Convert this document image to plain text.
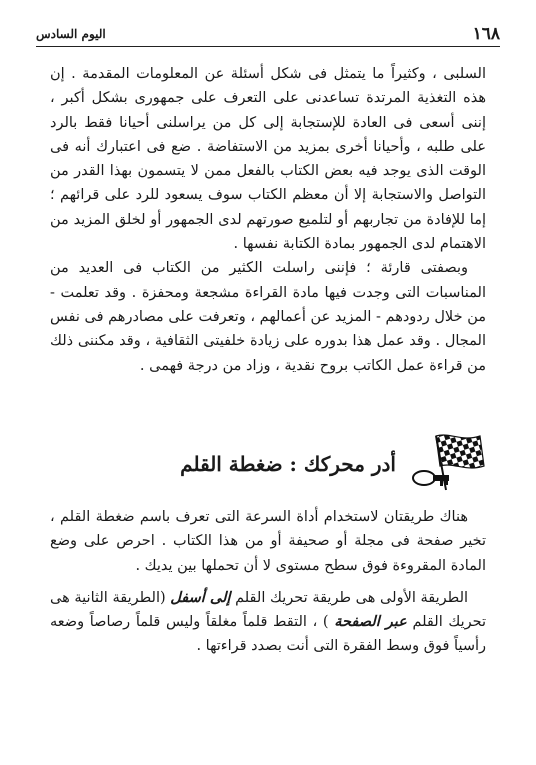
١٦٨
اليوم السادس

السلبى ، وكثيراً ما يتمثل فى شكل أسئلة عن المعلومات المقدمة . إن هذه التغذية المرتدة تساعدنى على التعرف على جمهورى بشكل أكبر ، إننى أسعى فى العادة للإستجابة إلى كل من يراسلنى أحيانا فقط بالرد على طلبه ، وأحيانا أخرى بمزيد من الاستفاضة . ضع فى اعتبارك أنه فى الوقت الذى يوجد فيه بعض الكتاب بالفعل ممن لا يتسمون بهذا القدر من التواصل والاستجابة إلا أن معظم الكتاب سوف يسعود للرد على قرائهم ؛ إما للإفادة من تجاربهم أو لتلميع صورتهم لدى الجمهور أو لخلق المزيد من الاهتمام لدى الجمهور بمادة الكتابة نفسها .

وبصفتى قارئة ؛ فإننى راسلت الكثير من الكتاب فى العديد من المناسبات التى وجدت فيها مادة القراءة مشجعة ومحفزة . وقد تعلمت - من خلال ردودهم - المزيد عن أعمالهم ، وتعرفت على مصادرهم فى نفس المجال . وقد عمل هذا بدوره على زيادة خلفيتى الثقافية ، وقد مكننى ذلك من قراءة عمل الكاتب بروح نقدية ، وزاد من درجة فهمى .

أدر محركك : ضغطة القلم

هناك طريقتان لاستخدام أداة السرعة التى تعرف باسم ضغطة القلم ، تخير صفحة فى مجلة أو صحيفة أو من هذا الكتاب . احرص على وضع المادة المقروءة فوق سطح مستوى لا أن تحملها بين يديك .

الطريقة الأولى هى طريقة تحريك القلم إلى أسفل (الطريقة الثانية هى تحريك القلم عبر الصفحة ) ، التقط قلماً مغلقاً وليس قلماً رصاصاً وضعه رأسياً فوق وسط الفقرة التى أنت بصدد قراءتها .
